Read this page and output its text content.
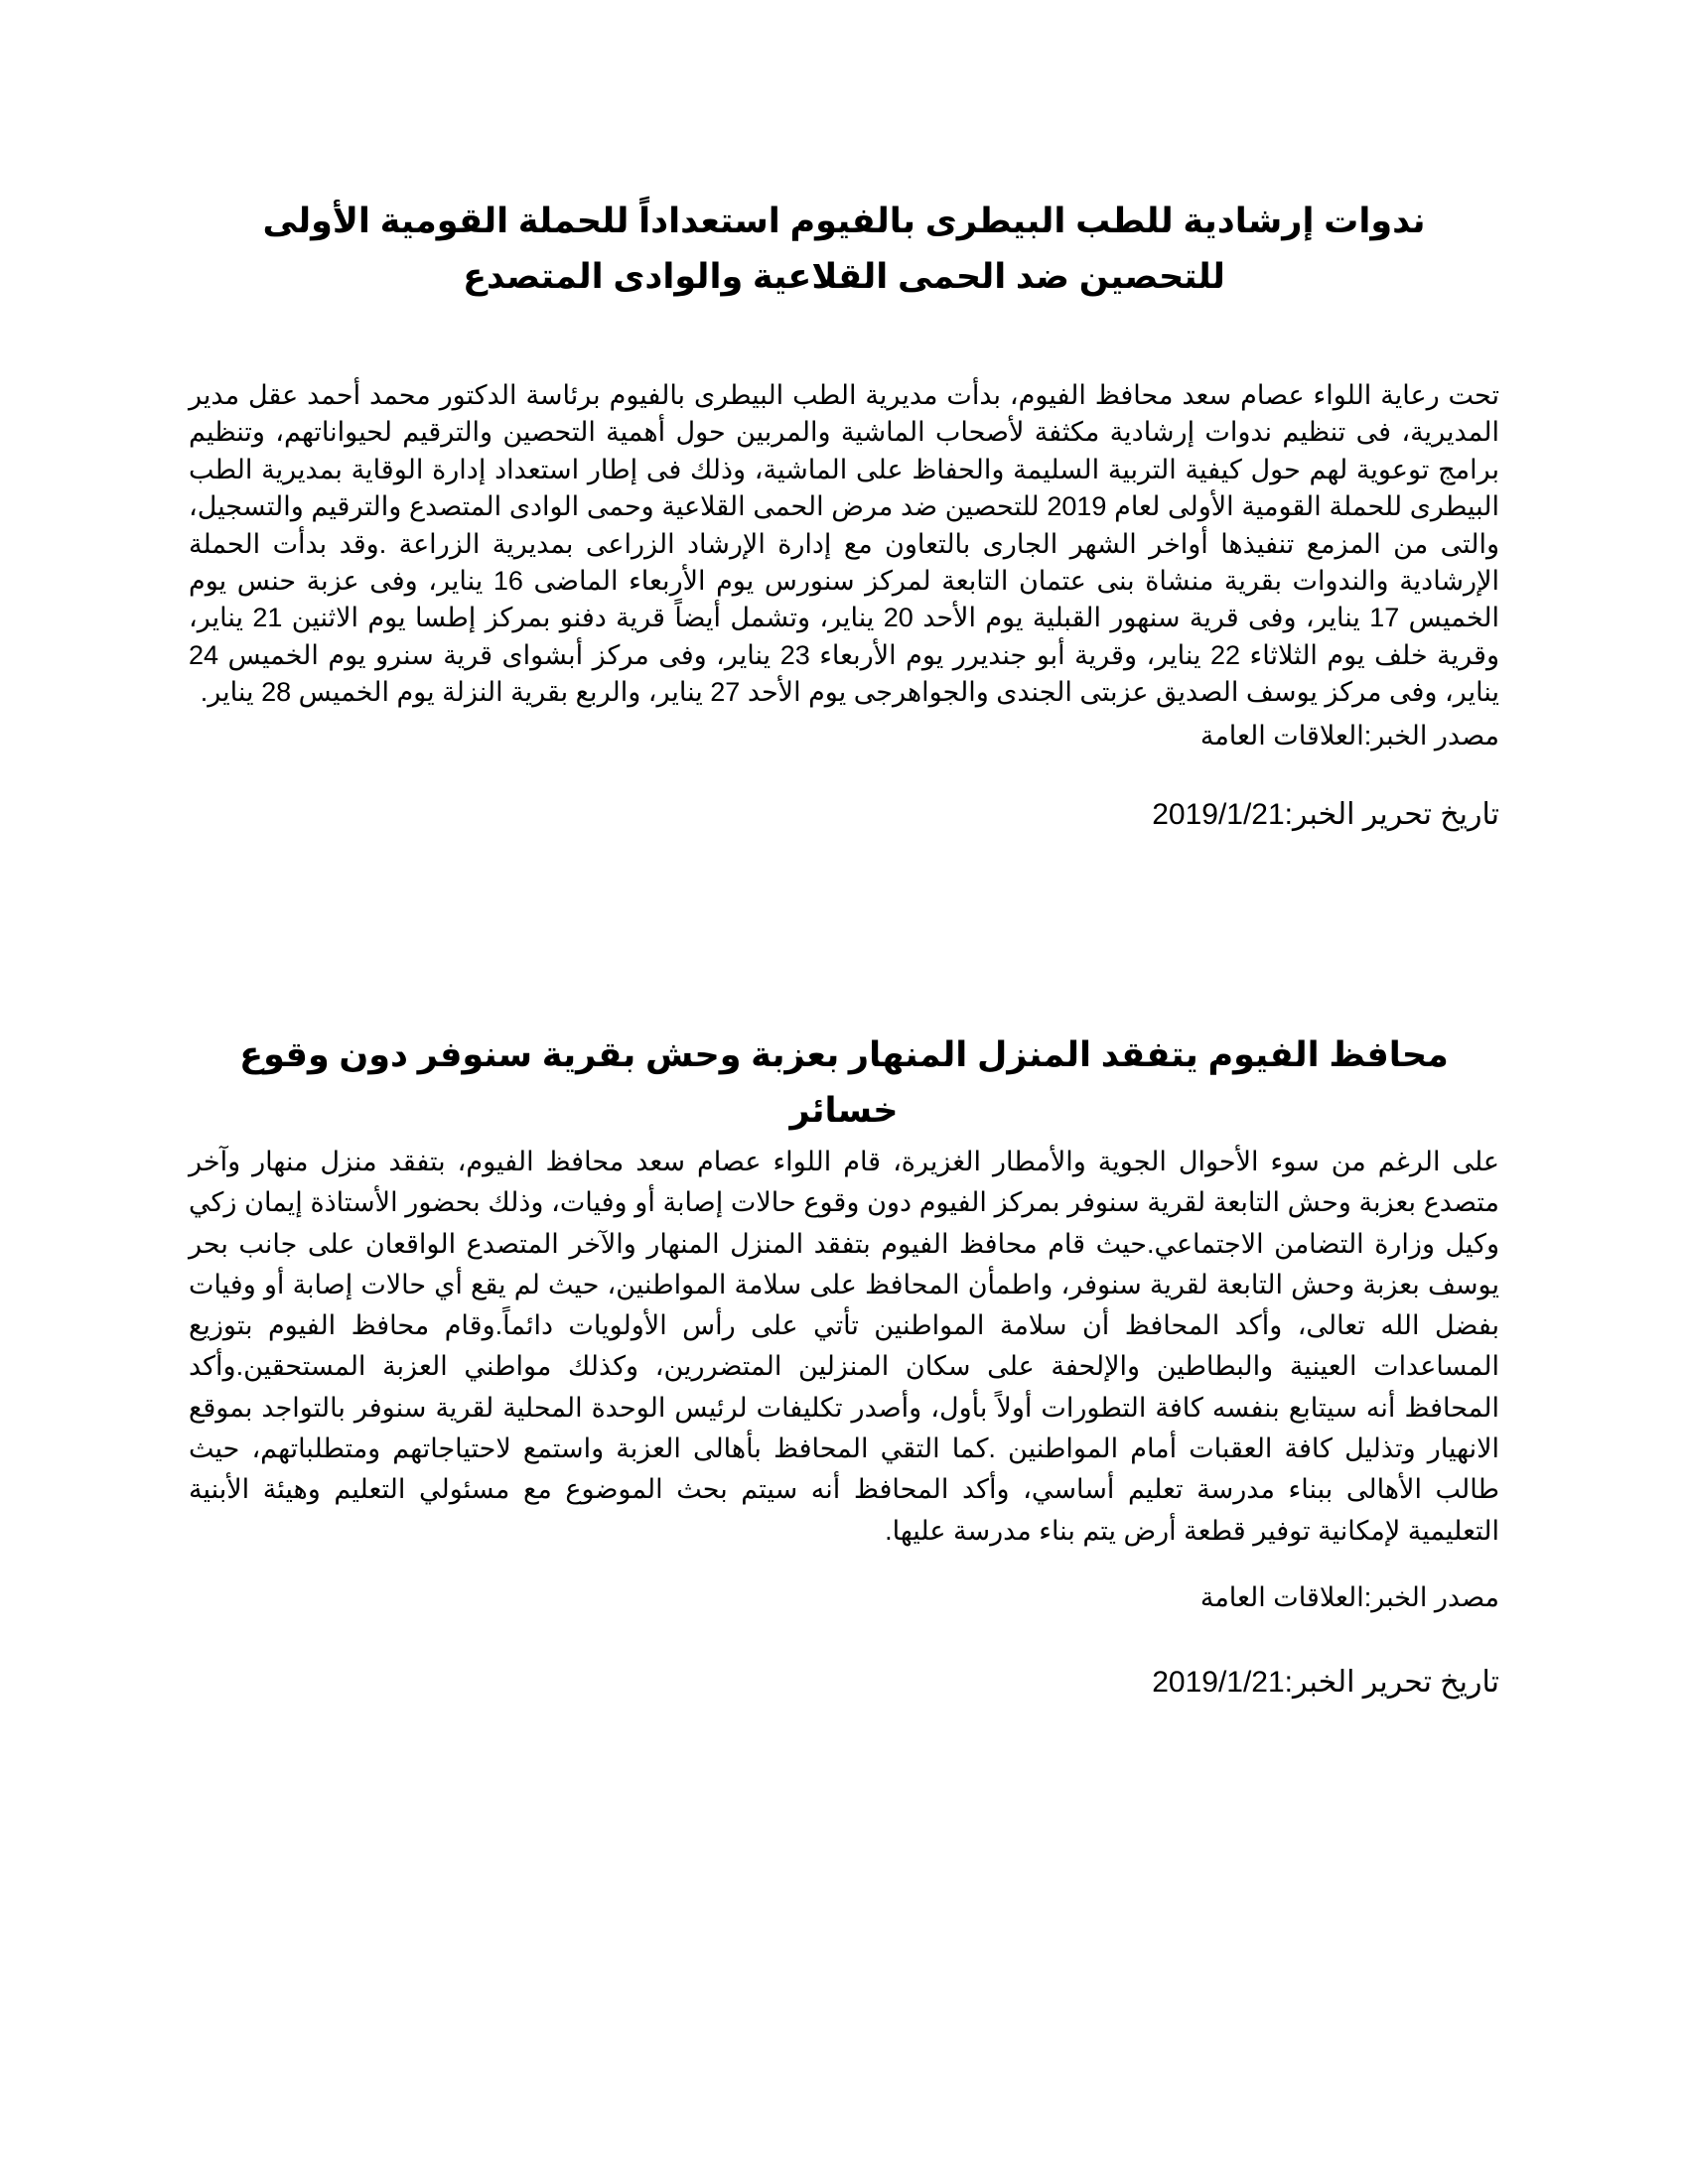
ندوات إرشادية للطب البيطرى بالفيوم استعداداً للحملة القومية الأولى للتحصين ضد الحمى القلاعية والوادى المتصدع

تحت رعاية اللواء عصام سعد محافظ الفيوم، بدأت مديرية الطب البيطرى بالفيوم برئاسة الدكتور محمد أحمد عقل مدير المديرية، فى تنظيم ندوات إرشادية مكثفة لأصحاب الماشية والمربين حول أهمية التحصين والترقيم لحيواناتهم، وتنظيم برامج توعوية لهم حول كيفية التربية السليمة والحفاظ على الماشية، وذلك فى إطار استعداد إدارة الوقاية بمديرية الطب البيطرى للحملة القومية الأولى لعام 2019 للتحصين ضد مرض الحمى القلاعية وحمى الوادى المتصدع والترقيم والتسجيل، والتى من المزمع تنفيذها أواخر الشهر الجارى بالتعاون مع إدارة الإرشاد الزراعى بمديرية الزراعة .وقد بدأت الحملة الإرشادية والندوات بقرية منشاة بنى عتمان التابعة لمركز سنورس يوم الأربعاء الماضى 16 يناير، وفى عزبة حنس يوم الخميس 17 يناير، وفى قرية سنهور القبلية يوم الأحد 20 يناير، وتشمل أيضاً قرية دفنو بمركز إطسا يوم الاثنين 21 يناير، وقرية خلف يوم الثلاثاء 22 يناير، وقرية أبو جنديرر يوم الأربعاء 23 يناير، وفى مركز أبشواى قرية سنرو يوم الخميس 24 يناير، وفى مركز يوسف الصديق عزبتى الجندى والجواهرجى يوم الأحد 27 يناير، والربع بقرية النزلة يوم الخميس 28 يناير.

مصدر الخبر:العلاقات العامة

تاريخ تحرير الخبر:2019/1/21

محافظ الفيوم يتفقد المنزل المنهار بعزبة وحش بقرية سنوفر دون وقوع خسائر

على الرغم من سوء الأحوال الجوية والأمطار الغزيرة، قام اللواء عصام سعد محافظ الفيوم، بتفقد منزل منهار وآخر متصدع بعزبة وحش التابعة لقرية سنوفر بمركز الفيوم دون وقوع حالات إصابة أو وفيات، وذلك بحضور الأستاذة إيمان زكي وكيل وزارة التضامن الاجتماعي.حيث قام محافظ الفيوم بتفقد المنزل المنهار والآخر المتصدع الواقعان على جانب بحر يوسف بعزبة وحش التابعة لقرية سنوفر، واطمأن المحافظ على سلامة المواطنين، حيث لم يقع أي حالات إصابة أو وفيات بفضل الله تعالى، وأكد المحافظ أن سلامة المواطنين تأتي على رأس الأولويات دائماً.وقام محافظ الفيوم بتوزيع المساعدات العينية والبطاطين والإلحفة على سكان المنزلين المتضررين، وكذلك مواطني العزبة المستحقين.وأكد المحافظ أنه سيتابع بنفسه كافة التطورات أولاً بأول، وأصدر تكليفات لرئيس الوحدة المحلية لقرية سنوفر بالتواجد بموقع الانهيار وتذليل كافة العقبات أمام المواطنين .كما التقي المحافظ بأهالى العزبة واستمع لاحتياجاتهم ومتطلباتهم، حيث طالب الأهالى ببناء مدرسة تعليم أساسي، وأكد المحافظ أنه سيتم بحث الموضوع مع مسئولي التعليم وهيئة الأبنية التعليمية لإمكانية توفير قطعة أرض يتم بناء مدرسة عليها.

مصدر الخبر:العلاقات العامة

تاريخ تحرير الخبر:2019/1/21
